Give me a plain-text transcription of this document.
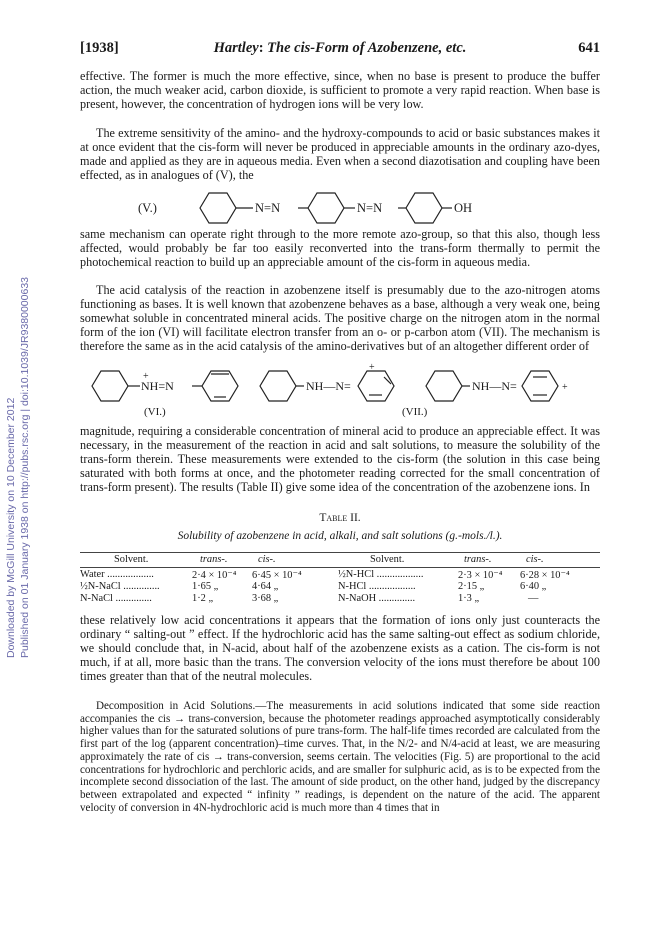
Downloaded by McGill University on 10 December 2012 Published on 01 January 1938 on http://pubs.rsc.org | doi:10.1039/JR9380000633
[1938]	Hartley: The cis-Form of Azobenzene, etc.	641

effective. The former is much the more effective, since, when no base is present to produce the buffer action, the much weaker acid, carbon dioxide, is sufficient to promote a very rapid reaction. When base is present, however, the concentration of hydrogen ions will be very low.

The extreme sensitivity of the amino- and the hydroxy-compounds to acid or basic substances makes it at once evident that the cis-form will never be produced in appreciable amounts in the ordinary azo-dyes, made and applied as they are in aqueous media. Even when a second diazotisation and coupling have been effected, as in analogues of (V), the

(V.)	N=N	N=N	OH

same mechanism can operate right through to the more remote azo-group, so that this also, though less affected, would probably be far too easily reconverted into the trans-form thermally to permit the photochemical reaction to build up an appreciable amount of the cis-form in aqueous media.

The acid catalysis of the reaction in azobenzene itself is presumably due to the azo-nitrogen atoms functioning as bases. It is well known that azobenzene behaves as a base, although a very weak one, being somewhat soluble in concentrated mineral acids. The positive charge on the nitrogen atom in the normal form of the ion (VI) will facilitate electron transfer from an o- or p-carbon atom (VII). The mechanism is therefore the same as in the acid catalysis of the amino-derivatives but of an altogether different order of

+
NH=N
(VI.)
+
NH—N=	NH—N=	+
(VII.)

magnitude, requiring a considerable concentration of mineral acid to produce an appreciable effect. It was necessary, in the measurement of the reaction in acid and salt solutions, to measure the solubility of the trans-form therein. These measurements were extended to the cis-form (the solution in this case being saturated with both forms at once, and the photometer reading corrected for the small concentration of trans-form present). The results (Table II) give some idea of the concentration of the azobenzene ions. In

Table II.
Solubility of azobenzene in acid, alkali, and salt solutions (g.-mols./l.).
Solvent.	trans-.	cis-.	Solvent.	trans-.	cis-.
Water ..................	2·4 × 10⁻⁴ 6·45 × 10⁻⁴	½N-HCl ..................	2·3 × 10⁻⁴ 6·28 × 10⁻⁴
½N-NaCl ..............	1·65 „	4·64 „	N-HCl ..................	2·15 „	6·40 „
N-NaCl ..............	1·2 „	3·68 „	N-NaOH ..............	1·3 „	—

these relatively low acid concentrations it appears that the formation of ions only just counteracts the ordinary “ salting-out ” effect. If the hydrochloric acid has the same salting-out effect as sodium chloride, we should conclude that, in N-acid, about half of the azobenzene exists as a cation. The cis-form is not much, if at all, more basic than the trans. The conversion velocity of the ions must therefore be about 100 times greater than that of the neutral molecules.

Decomposition in Acid Solutions.—The measurements in acid solutions indicated that some side reaction accompanies the cis → trans-conversion, because the photometer readings approached asymptotically considerably higher values than for the saturated solutions of pure trans-form. The half-life times recorded are calculated from the first part of the log (apparent concentration)–time curves. That, in the N/2- and N/4-acid at least, we are measuring approximately the rate of cis → trans-conversion, seems certain. The velocities (Fig. 5) are proportional to the acid concentrations for hydrochloric and perchloric acids, and are smaller for sulphuric acid, as is to be expected from the incomplete second dissociation of the last. The amount of side product, on the other hand, judged by the discrepancy between extrapolated and expected “ infinity ” readings, is dependent on the nature of the acid. The apparent velocity of conversion in 4N-hydrochloric acid is much more than 4 times that in
